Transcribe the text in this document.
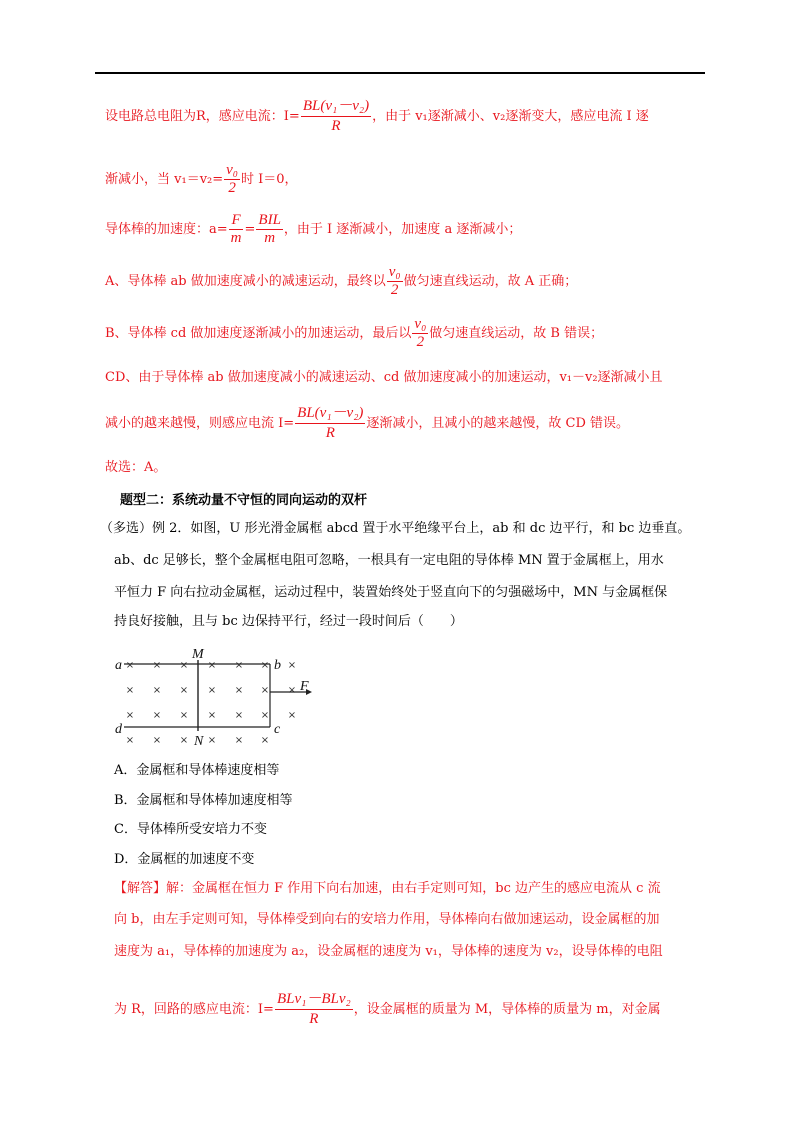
设电路总电阻为R，感应电流：$I= \frac{\text{BL(v₁－v₂)}}{R}$ ，由于 v₁逐渐减小、v₂逐渐变大，感应电流 I 逐
渐减小，当 $v_1=v_2= \frac{\text{v₀}}{2}$ 时 I＝0，
导体棒的加速度：$a= \frac{F}{m} = \frac{\text{BIL}}{m}$ ，由于 I 逐渐减小，加速度 a 逐渐减小；
A、导体棒 ab 做加速度减小的减速运动，最终以 $\frac{\text{v₀}}{2}$ 做匀速直线运动，故 A 正确；
B、导体棒 cd 做加速度逐渐减小的加速运动，最后以 $\frac{\text{v₀}}{2}$ 做匀速直线运动，故 B 错误；
CD、由于导体棒 ab 做加速度减小的减速运动、cd 做加速度减小的加速运动，v₁－v₂逐渐减小且
减小的越来越慢，则感应电流 $I= \frac{\text{BL(v₁－v₂)}}{R}$ 逐渐减小，且减小的越来越慢，故 CD 错误。
故选：A。
题型二：系统动量不守恒的同向运动的双杆
（多选）例 2．如图，U 形光滑金属框 abcd 置于水平绝缘平台上，ab 和 dc 边平行，和 bc 边垂直。
ab、dc 足够长，整个金属框电阻可忽略，一根具有一定电阻的导体棒 MN 置于金属框上，用水
平恒力 F 向右拉动金属框，运动过程中，装置始终处于竖直向下的匀强磁场中，MN 与金属框保
持良好接触，且与 bc 边保持平行，经过一段时间后（　　）
× × × × × × ×
× × × × × × ×
× × × × × × ×
× × × × × ×
a	b
c
d
M
N
F
A．金属框和导体棒速度相等
B．金属框和导体棒加速度相等
C．导体棒所受安培力不变
D．金属框的加速度不变
【解答】解：金属框在恒力 F 作用下向右加速，由右手定则可知，bc 边产生的感应电流从 c 流
向 b，由左手定则可知，导体棒受到向右的安培力作用，导体棒向右做加速运动，设金属框的加
速度为 a₁，导体棒的加速度为 a₂，设金属框的速度为 v₁，导体棒的速度为 v₂，设导体棒的电阻
为 R，回路的感应电流：$I= \frac{\text{BLv₁－BLv₂}}{R}$ ，设金属框的质量为 M，导体棒的质量为 m，对金属
